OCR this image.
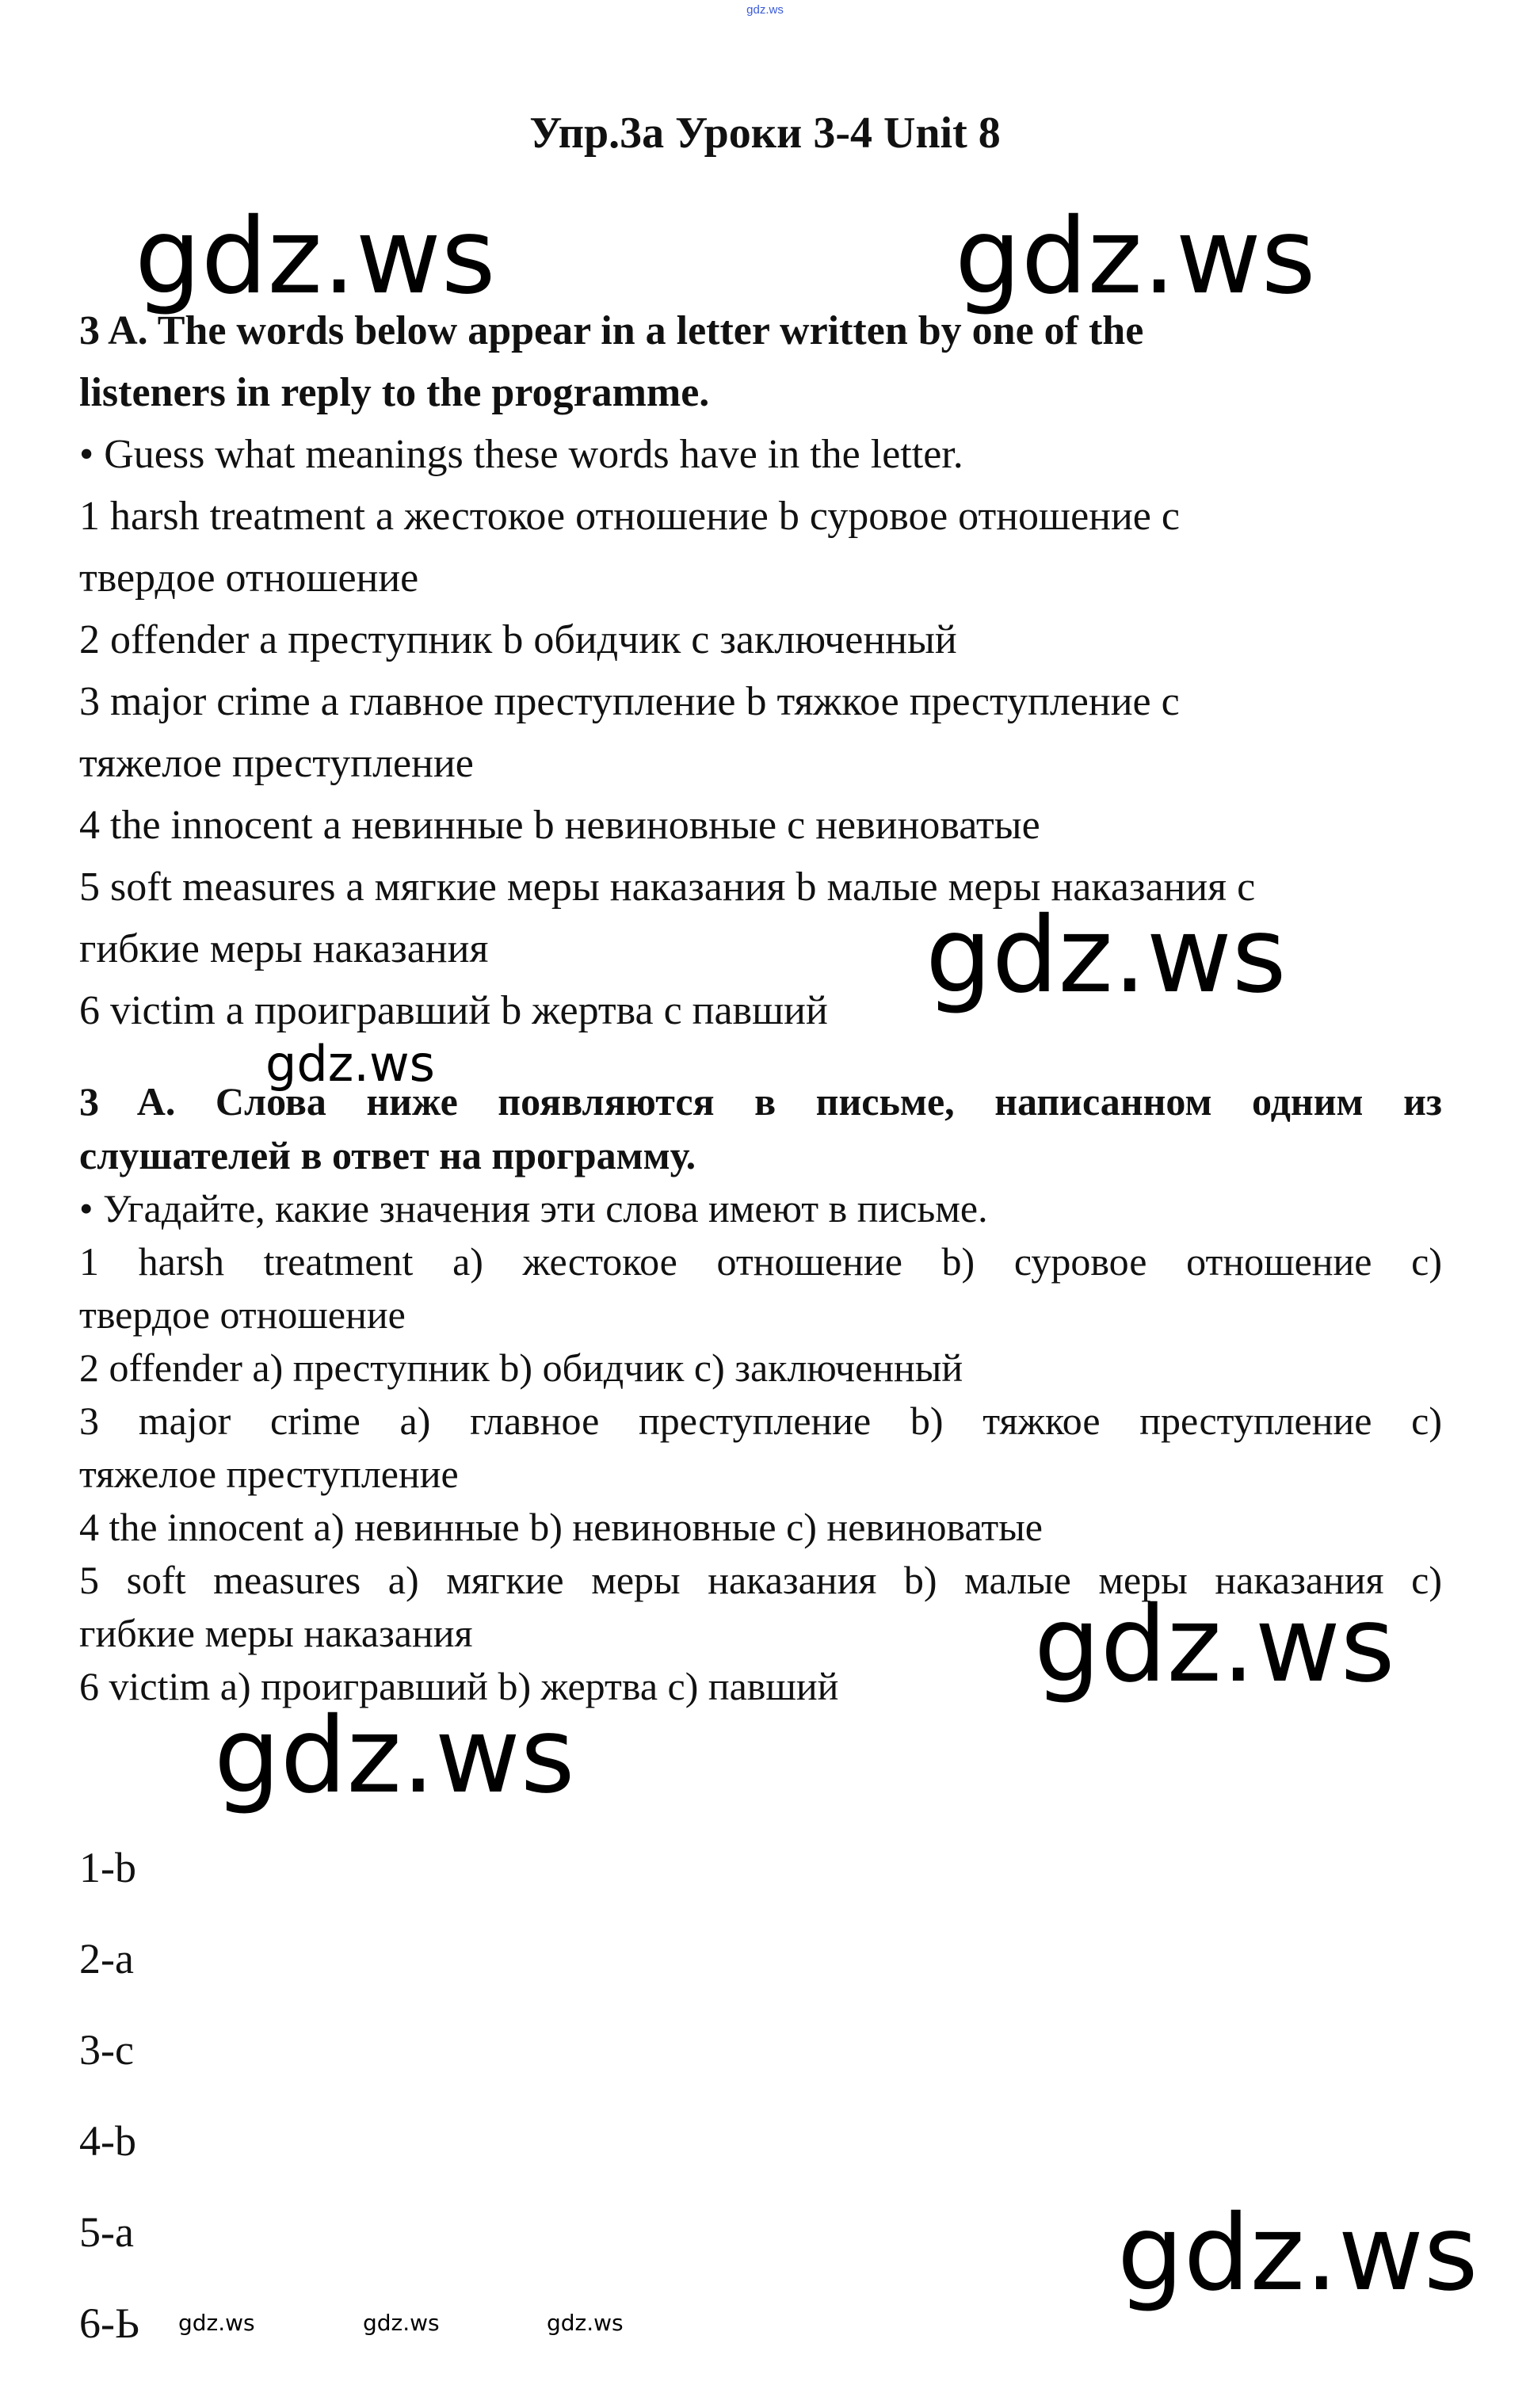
gdz.ws
Упр.3а Уроки 3-4 Unit 8
gdz.ws	gdz.ws
3 A. The words below appear in a letter written by one of the
listeners in reply to the programme.
• Guess what meanings these words have in the letter.
1 harsh treatment a жестокое отношение b суровое отношение c
твердое отношение
2 offender a преступник b обидчик c заключенный
3 major crime a главное преступление b тяжкое преступление c
тяжелое преступление
4 the innocent a невинные b невиновные c невиноватые
5 soft measures a мягкие меры наказания b малые меры наказания c
гибкие меры наказания
6 victim a проигравший b жертва c павший gdz.ws
gdz.ws
3 A. Слова ниже появляются в письме, написанном одним из
слушателей в ответ на программу.
• Угадайте, какие значения эти слова имеют в письме.
1 harsh treatment a) жестокое отношение b) суровое отношение c)
твердое отношение
2 offender a) преступник b) обидчик c) заключенный
3 major crime a) главное преступление b) тяжкое преступление c)
тяжелое преступление
4 the innocent a) невинные b) невиновные c) невиноватые
5 soft measures a) мягкие меры наказания b) малые меры наказания c)
гибкие меры наказания
6 victim a) проигравший b) жертва c) павший gdz.ws
gdz.ws
1-b
2-a
3-c
4-b
5-a
6-Ь gdz.ws	gdz.ws	gdz.ws
gdz.ws
